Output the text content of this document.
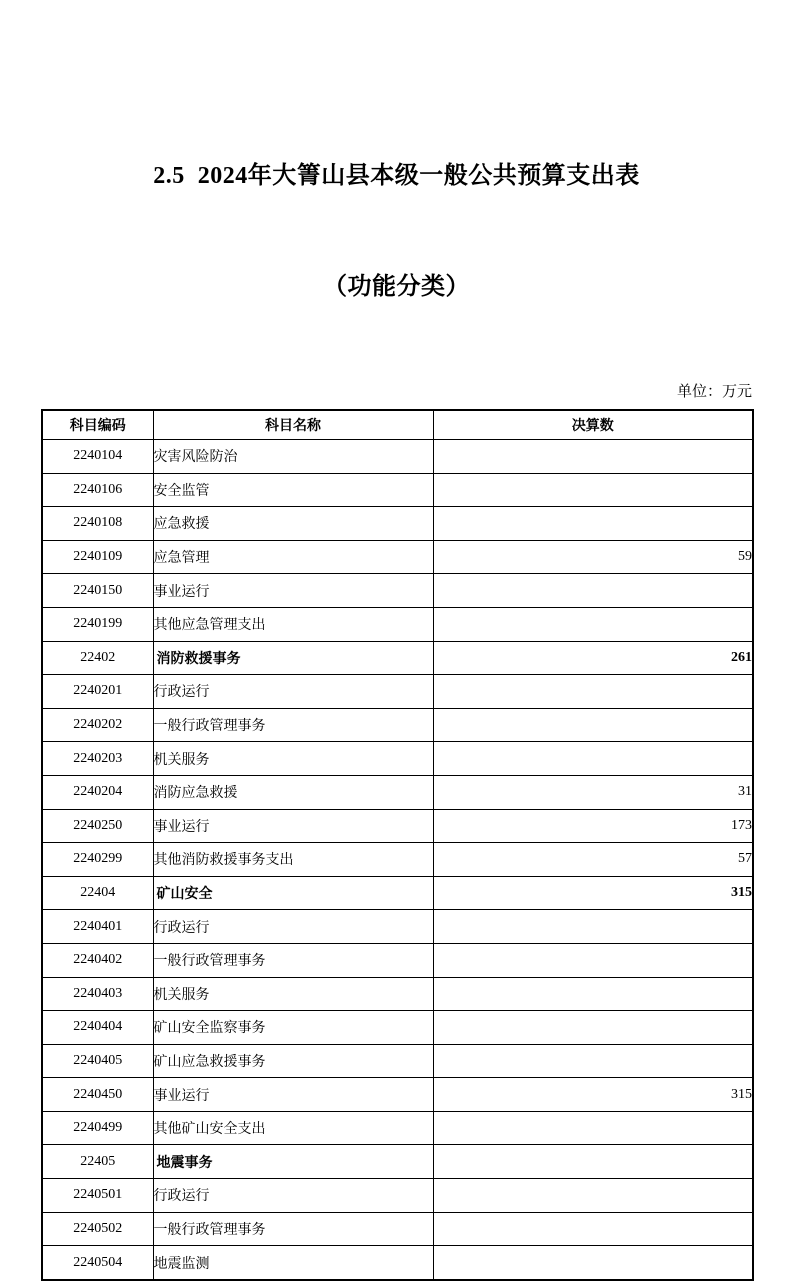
2.5  2024年大箐山县本级一般公共预算支出表

（功能分类）

单位：万元
科目编码	科目名称	决算数
2240104	灾害风险防治	
2240106	安全监管	
2240108	应急救援	
2240109	应急管理	59
2240150	事业运行	
2240199	其他应急管理支出	
22402	消防救援事务	261
2240201	行政运行	
2240202	一般行政管理事务	
2240203	机关服务	
2240204	消防应急救援	31
2240250	事业运行	173
2240299	其他消防救援事务支出	57
22404	矿山安全	315
2240401	行政运行	
2240402	一般行政管理事务	
2240403	机关服务	
2240404	矿山安全监察事务	
2240405	矿山应急救援事务	
2240450	事业运行	315
2240499	其他矿山安全支出	
22405	地震事务	
2240501	行政运行	
2240502	一般行政管理事务	
2240504	地震监测	
